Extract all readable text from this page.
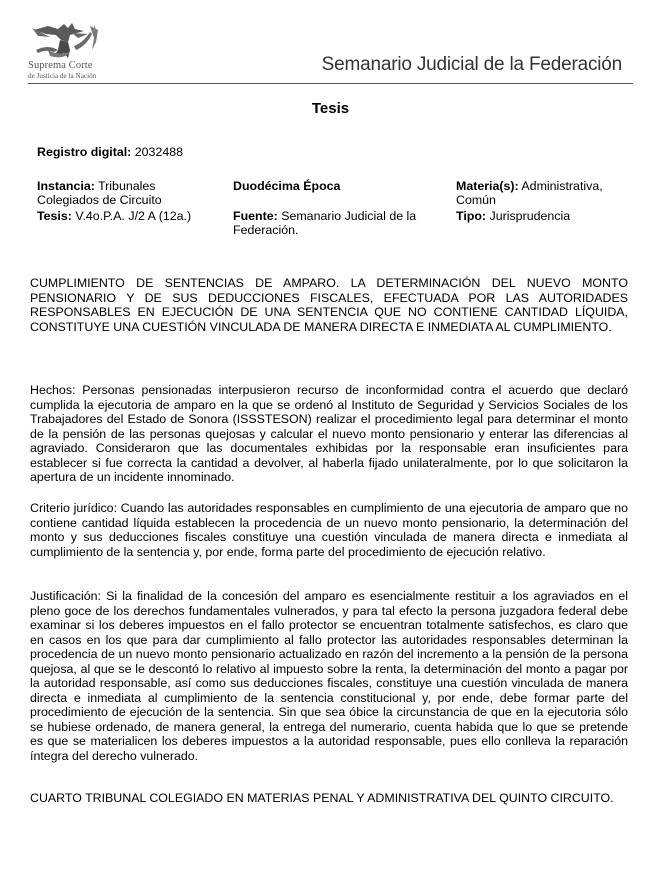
Suprema Corte
de Justicia de la Nación
Semanario Judicial de la Federación
Tesis
Registro digital: 2032488
Instancia: Tribunales Colegiados de Circuito
Duodécima Época	Materia(s): Administrativa, Común
Tesis: V.4o.P.A. J/2 A (12a.)	Fuente: Semanario Judicial de la Federación.
Tipo: Jurisprudencia
CUMPLIMIENTO DE SENTENCIAS DE AMPARO. LA DETERMINACIÓN DEL NUEVO MONTO PENSIONARIO Y DE SUS DEDUCCIONES FISCALES, EFECTUADA POR LAS AUTORIDADES RESPONSABLES EN EJECUCIÓN DE UNA SENTENCIA QUE NO CONTIENE CANTIDAD LÍQUIDA, CONSTITUYE UNA CUESTIÓN VINCULADA DE MANERA DIRECTA E INMEDIATA AL CUMPLIMIENTO.
Hechos: Personas pensionadas interpusieron recurso de inconformidad contra el acuerdo que declaró cumplida la ejecutoria de amparo en la que se ordenó al Instituto de Seguridad y Servicios Sociales de los Trabajadores del Estado de Sonora (ISSSTESON) realizar el procedimiento legal para determinar el monto de la pensión de las personas quejosas y calcular el nuevo monto pensionario y enterar las diferencias al agraviado. Consideraron que las documentales exhibidas por la responsable eran insuficientes para establecer si fue correcta la cantidad a devolver, al haberla fijado unilateralmente, por lo que solicitaron la apertura de un incidente innominado.
Criterio jurídico: Cuando las autoridades responsables en cumplimiento de una ejecutoria de amparo que no contiene cantidad líquida establecen la procedencia de un nuevo monto pensionario, la determinación del monto y sus deducciones fiscales constituye una cuestión vinculada de manera directa e inmediata al cumplimiento de la sentencia y, por ende, forma parte del procedimiento de ejecución relativo.
Justificación: Si la finalidad de la concesión del amparo es esencialmente restituir a los agraviados en el pleno goce de los derechos fundamentales vulnerados, y para tal efecto la persona juzgadora federal debe examinar si los deberes impuestos en el fallo protector se encuentran totalmente satisfechos, es claro que en casos en los que para dar cumplimiento al fallo protector las autoridades responsables determinan la procedencia de un nuevo monto pensionario actualizado en razón del incremento a la pensión de la persona quejosa, al que se le descontó lo relativo al impuesto sobre la renta, la determinación del monto a pagar por la autoridad responsable, así como sus deducciones fiscales, constituye una cuestión vinculada de manera directa e inmediata al cumplimiento de la sentencia constitucional y, por ende, debe formar parte del procedimiento de ejecución de la sentencia. Sin que sea óbice la circunstancia de que en la ejecutoria sólo se hubiese ordenado, de manera general, la entrega del numerario, cuenta habida que lo que se pretende es que se materialicen los deberes impuestos a la autoridad responsable, pues ello conlleva la reparación íntegra del derecho vulnerado.
CUARTO TRIBUNAL COLEGIADO EN MATERIAS PENAL Y ADMINISTRATIVA DEL QUINTO CIRCUITO.
